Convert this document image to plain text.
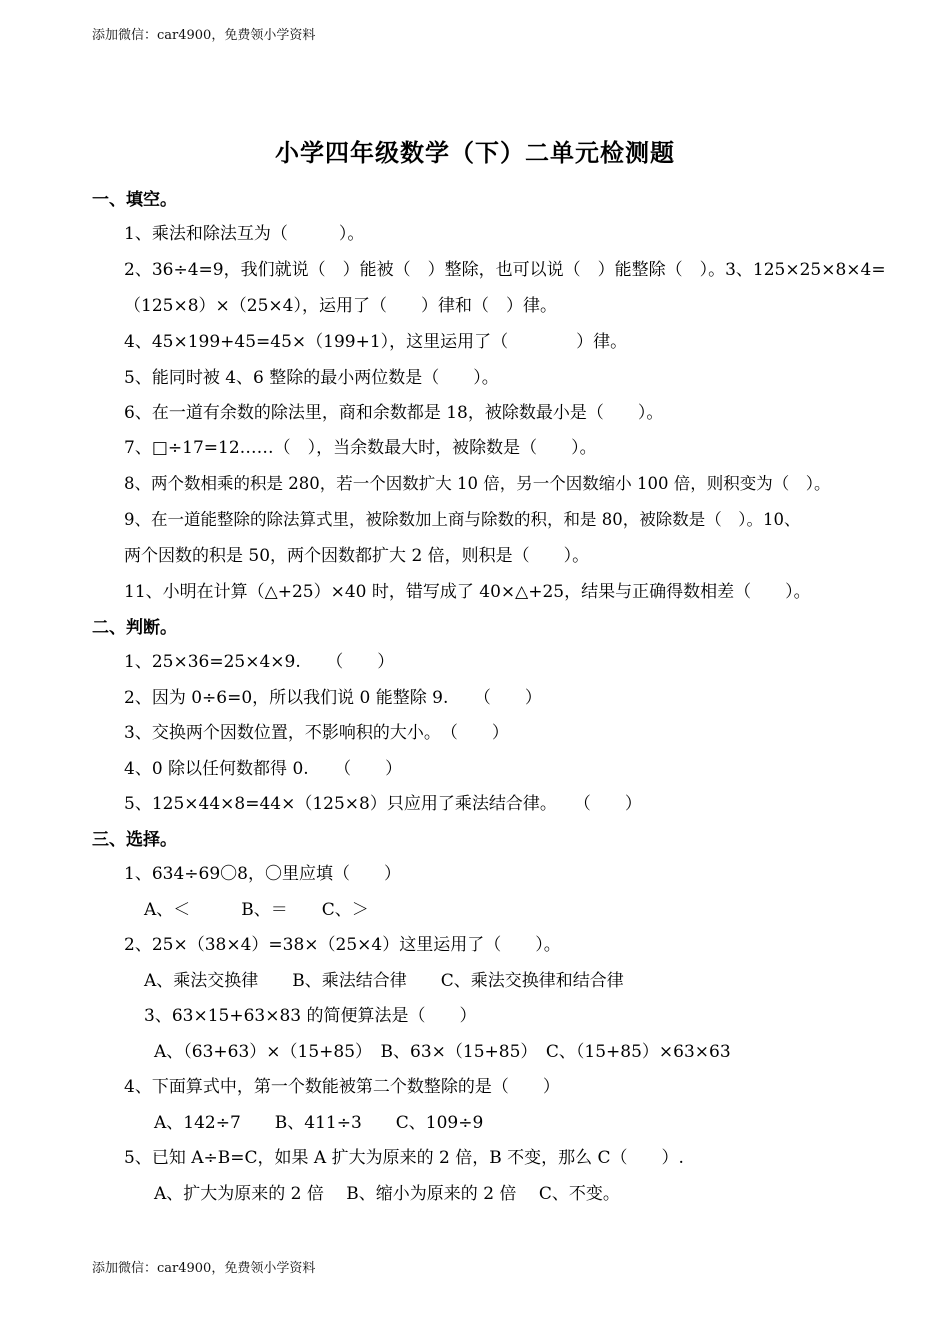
添加微信：car4900，免费领小学资料
小学四年级数学（下）二单元检测题
一、填空。
1、乘法和除法互为（　　　）。
2、36÷4=9，我们就说（　）能被（　）整除，也可以说（　）能整除（　）。3、125×25×8×4=
（125×8）×（25×4），运用了（　　）律和（　）律。
4、45×199+45=45×（199+1），这里运用了（　　　　）律。
5、能同时被 4、6 整除的最小两位数是（　　）。
6、在一道有余数的除法里，商和余数都是 18，被除数最小是（　　）。
7、□÷17=12……（　），当余数最大时，被除数是（　　）。
8、两个数相乘的积是 280，若一个因数扩大 10 倍，另一个因数缩小 100 倍，则积变为（　）。
9、在一道能整除的除法算式里，被除数加上商与除数的积，和是 80，被除数是（　）。10、
两个因数的积是 50，两个因数都扩大 2 倍，则积是（　　）。
11、小明在计算（△+25）×40 时，错写成了 40×△+25，结果与正确得数相差（　　）。
二、判断。
1、25×36=25×4×9.　　（　　）
2、因为 0÷6=0，所以我们说 0 能整除 9.　　（　　）
3、交换两个因数位置，不影响积的大小。　（　　）
4、0 除以任何数都得 0.　　（　　）
5、125×44×8=44×（125×8）只应用了乘法结合律。　　（　　）
三、选择。
1、634÷69〇8，〇里应填（　　）
A、＜　　　B、＝　　C、＞
2、25×（38×4）=38×（25×4）这里运用了（　　）。
A、乘法交换律　　B、乘法结合律　　C、乘法交换律和结合律
3、63×15+63×83 的简便算法是（　　）
A、（63+63）×（15+85）　B、63×（15+85）　C、（15+85）×63×63
4、下面算式中，第一个数能被第二个数整除的是（　　）
A、142÷7　　B、411÷3　　C、109÷9
5、已知 A÷B=C，如果 A 扩大为原来的 2 倍，B 不变，那么 C（　　）.
A、扩大为原来的 2 倍　 B、缩小为原来的 2 倍　 C、不变。
添加微信：car4900，免费领小学资料
